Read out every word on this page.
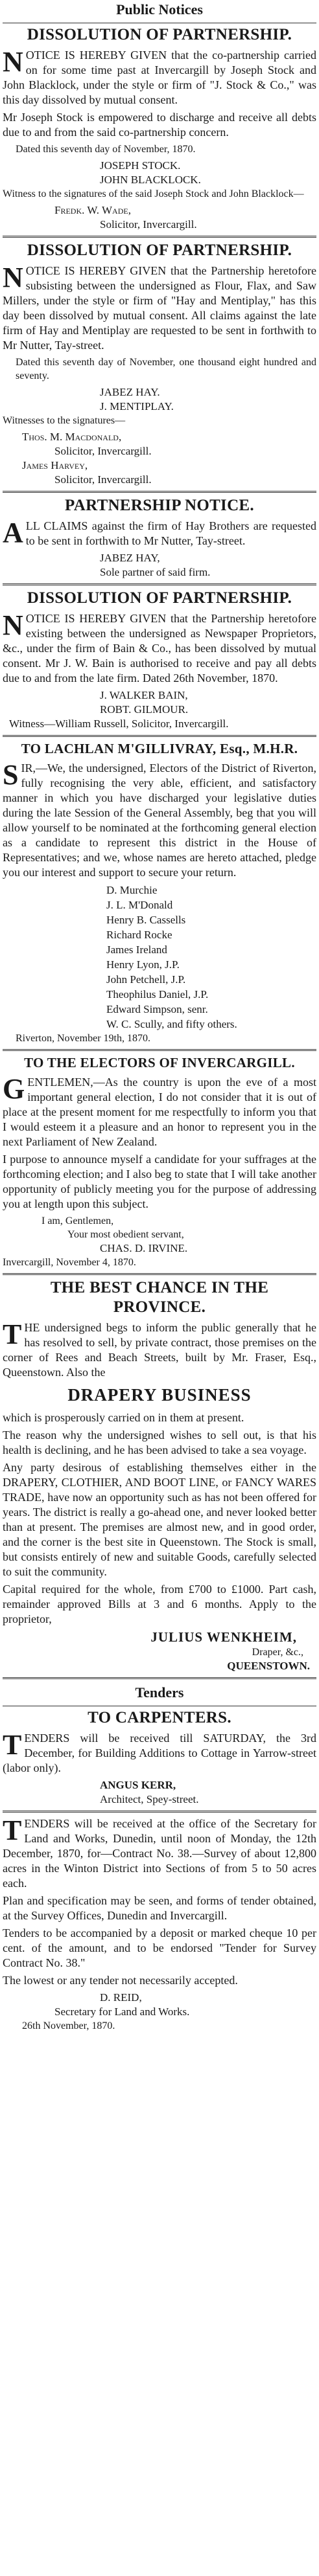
Public Notices
DISSOLUTION OF PARTNERSHIP.

NOTICE IS HEREBY GIVEN that the co-partnership carried on for some time past at Invercargill by Joseph Stock and John Blacklock, under the style or firm of "J. Stock & Co.," was this day dissolved by mutual consent.

Mr Joseph Stock is empowered to discharge and receive all debts due to and from the said co-partnership concern.

Dated this seventh day of November, 1870.

JOSEPH STOCK.
JOHN BLACKLOCK.

Witness to the signatures of the said Joseph Stock and John Blacklock—

Fredk. W. Wade,
Solicitor, Invercargill.
DISSOLUTION OF PARTNERSHIP.

NOTICE IS HEREBY GIVEN that the Partnership heretofore subsisting between the undersigned as Flour, Flax, and Saw Millers, under the style or firm of "Hay and Mentiplay," has this day been dissolved by mutual consent. All claims against the late firm of Hay and Mentiplay are requested to be sent in forthwith to Mr Nutter, Tay-street.

Dated this seventh day of November, one thousand eight hundred and seventy.

JABEZ HAY.
J. MENTIPLAY.

Witnesses to the signatures—

Thos. M. Macdonald,
Solicitor, Invercargill.
James Harvey,
Solicitor, Invercargill.
PARTNERSHIP NOTICE.

ALL CLAIMS against the firm of Hay Brothers are requested to be sent in forthwith to Mr Nutter, Tay-street.

JABEZ HAY,
Sole partner of said firm.
DISSOLUTION OF PARTNERSHIP.

NOTICE IS HEREBY GIVEN that the Partnership heretofore existing between the undersigned as Newspaper Proprietors, &c., under the firm of Bain & Co., has been dissolved by mutual consent. Mr J. W. Bain is authorised to receive and pay all debts due to and from the late firm. Dated 26th November, 1870.

J. WALKER BAIN,
ROBT. GILMOUR.
Witness—William Russell, Solicitor, Invercargill.
TO LACHLAN M'GILLIVRAY, Esq., M.H.R.

SIR,—We, the undersigned, Electors of the District of Riverton, fully recognising the very able, efficient, and satisfactory manner in which you have discharged your legislative duties during the late Session of the General Assembly, beg that you will allow yourself to be nominated at the forthcoming general election as a candidate to represent this district in the House of Representatives; and we, whose names are hereto attached, pledge you our interest and support to secure your return.

D. Murchie
J. L. M'Donald
Henry B. Cassells
Richard Rocke
James Ireland
Henry Lyon, J.P.
John Petchell, J.P.
Theophilus Daniel, J.P.
Edward Simpson, senr.
W. C. Scully, and fifty others.

Riverton, November 19th, 1870.

TO THE ELECTORS OF INVERCARGILL.

GENTLEMEN,—As the country is upon the eve of a most important general election, I do not consider that it is out of place at the present moment for me respectfully to inform you that I would esteem it a pleasure and an honor to represent you in the next Parliament of New Zealand.

I purpose to announce myself a candidate for your suffrages at the forthcoming election; and I also beg to state that I will take another opportunity of publicly meeting you for the purpose of addressing you at length upon this subject.

I am, Gentlemen,
Your most obedient servant,
CHAS. D. IRVINE.

Invercargill, November 4, 1870.

THE BEST CHANCE IN THE
PROVINCE.

THE undersigned begs to inform the public generally that he has resolved to sell, by private contract, those premises on the corner of Rees and Beach Streets, built by Mr. Fraser, Esq., Queenstown. Also the

DRAPERY BUSINESS

which is prosperously carried on in them at present.

The reason why the undersigned wishes to sell out, is that his health is declining, and he has been advised to take a sea voyage.

Any party desirous of establishing themselves either in the DRAPERY, CLOTHIER, AND BOOT LINE, or FANCY WARES TRADE, have now an opportunity such as has not been offered for years. The district is really a go-ahead one, and never looked better than at present. The premises are almost new, and in good order, and the corner is the best site in Queenstown. The Stock is small, but consists entirely of new and suitable Goods, carefully selected to suit the community.

Capital required for the whole, from £700 to £1000. Part cash, remainder approved Bills at 3 and 6 months. Apply to the proprietor,

JULIUS WENKHEIM,
Draper, &c.,
QUEENSTOWN.
Tenders
TO CARPENTERS.

TENDERS will be received till SATURDAY, the 3rd December, for Building Additions to Cottage in Yarrow-street (labor only).

ANGUS KERR,
Architect, Spey-street.

TENDERS will be received at the office of the Secretary for Land and Works, Dunedin, until noon of Monday, the 12th December, 1870, for—Contract No. 38.—Survey of about 12,800 acres in the Winton District into Sections of from 5 to 50 acres each.

Plan and specification may be seen, and forms of tender obtained, at the Survey Offices, Dunedin and Invercargill.

Tenders to be accompanied by a deposit or marked cheque 10 per cent. of the amount, and to be endorsed "Tender for Survey Contract No. 38."

The lowest or any tender not necessarily accepted.

D. REID,
Secretary for Land and Works.
26th November, 1870.
